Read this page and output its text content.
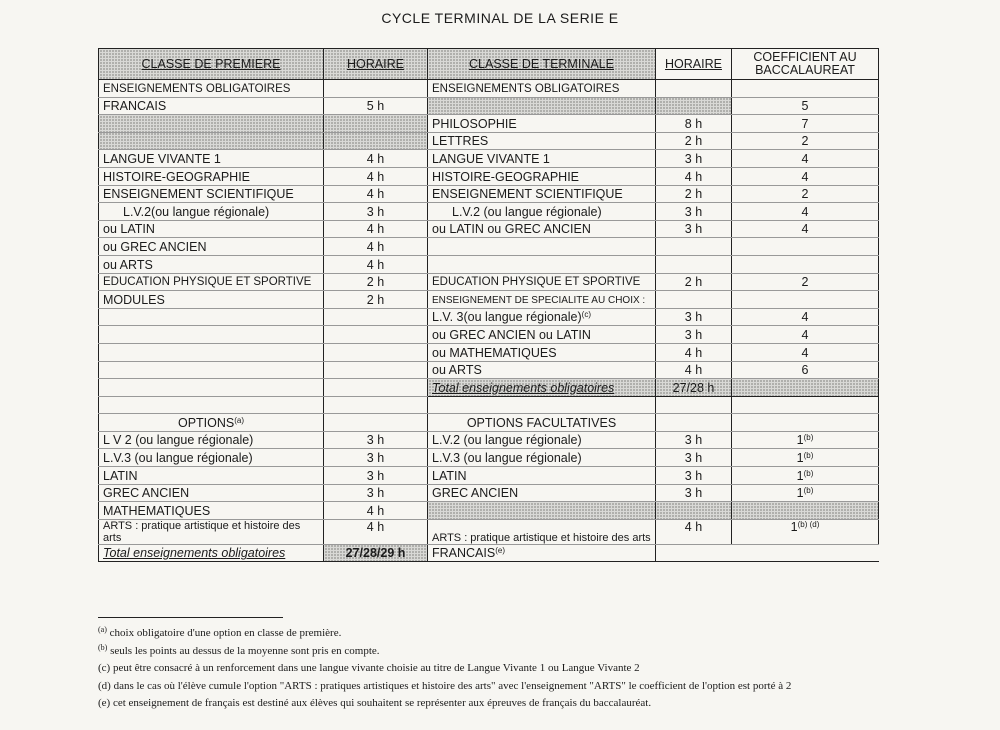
CYCLE TERMINAL DE LA SERIE E
CLASSE DE PREMIERE	HORAIRE	CLASSE DE TERMINALE	HORAIRE	COEFFICIENT AU BACCALAUREAT
ENSEIGNEMENTS OBLIGATOIRES		ENSEIGNEMENTS OBLIGATOIRES		
FRANCAIS	5 h			5
		PHILOSOPHIE	8 h	7
		LETTRES	2 h	2
LANGUE VIVANTE 1	4 h	LANGUE VIVANTE 1	3 h	4
HISTOIRE-GEOGRAPHIE	4 h	HISTOIRE-GEOGRAPHIE	4 h	4
ENSEIGNEMENT SCIENTIFIQUE	4 h	ENSEIGNEMENT SCIENTIFIQUE	2 h	2
L.V.2(ou langue régionale)	3 h	L.V.2 (ou langue régionale)	3 h	4
ou LATIN	4 h	ou LATIN ou GREC ANCIEN	3 h	4
ou GREC ANCIEN	4 h			
ou ARTS	4 h			
EDUCATION PHYSIQUE ET SPORTIVE	2 h	EDUCATION PHYSIQUE ET SPORTIVE	2 h	2
MODULES	2 h	ENSEIGNEMENT DE SPECIALITE AU CHOIX :		
		L.V. 3(ou langue régionale)$^{(c)}$	3 h	4
		ou GREC ANCIEN ou LATIN	3 h	4
		ou MATHEMATIQUES	4 h	4
		ou ARTS	4 h	6
		Total enseignements obligatoires	27/28 h	

OPTIONS$^{(a)}$		OPTIONS FACULTATIVES		
L V 2 (ou langue régionale)	3 h	L.V.2 (ou langue régionale)	3 h	1$^{(b)}$
L.V.3 (ou langue régionale)	3 h	L.V.3 (ou langue régionale)	3 h	1$^{(b)}$
LATIN	3 h	LATIN	3 h	1$^{(b)}$
GREC ANCIEN	3 h	GREC ANCIEN	3 h	1$^{(b)}$
MATHEMATIQUES	4 h			
ARTS : pratique artistique et histoire des arts	4 h	ARTS : pratique artistique et histoire des arts	4 h	$1^{(b) (d)}$
Total enseignements obligatoires	27/28/29 h	FRANCAIS$^{(e)}$		
$^{(a)}$ choix obligatoire d'une option en classe de première.
$^{(b)}$ seuls les points au dessus de la moyenne sont pris en compte.
(c) peut être consacré à un renforcement dans une langue vivante choisie au titre de Langue Vivante 1 ou Langue Vivante 2
(d) dans le cas où l'élève cumule l'option "ARTS : pratiques artistiques et histoire des arts" avec l'enseignement "ARTS" le coefficient de l'option est porté à 2
(e) cet enseignement de français est destiné aux élèves qui souhaitent se représenter aux épreuves de français du baccalauréat.
